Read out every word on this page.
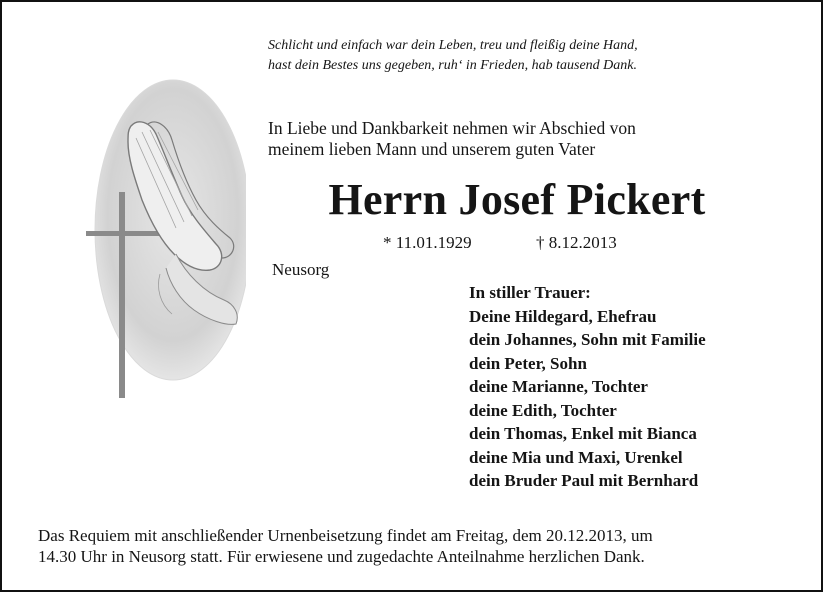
Schlicht und einfach war dein Leben, treu und fleißig deine Hand,
hast dein Bestes uns gegeben, ruh‘ in Frieden, hab tausend Dank.
In Liebe und Dankbarkeit nehmen wir Abschied von
meinem lieben Mann und unserem guten Vater
Herrn Josef Pickert
* 11.01.1929	† 8.12.2013
Neusorg
In stiller Trauer:
Deine Hildegard, Ehefrau
dein Johannes, Sohn mit Familie
dein Peter, Sohn
deine Marianne, Tochter
deine Edith, Tochter
dein Thomas, Enkel mit Bianca
deine Mia und Maxi, Urenkel
dein Bruder Paul mit Bernhard
Das Requiem mit anschließender Urnenbeisetzung findet am Freitag, dem 20.12.2013, um
14.30 Uhr in Neusorg statt. Für erwiesene und zugedachte Anteilnahme herzlichen Dank.
